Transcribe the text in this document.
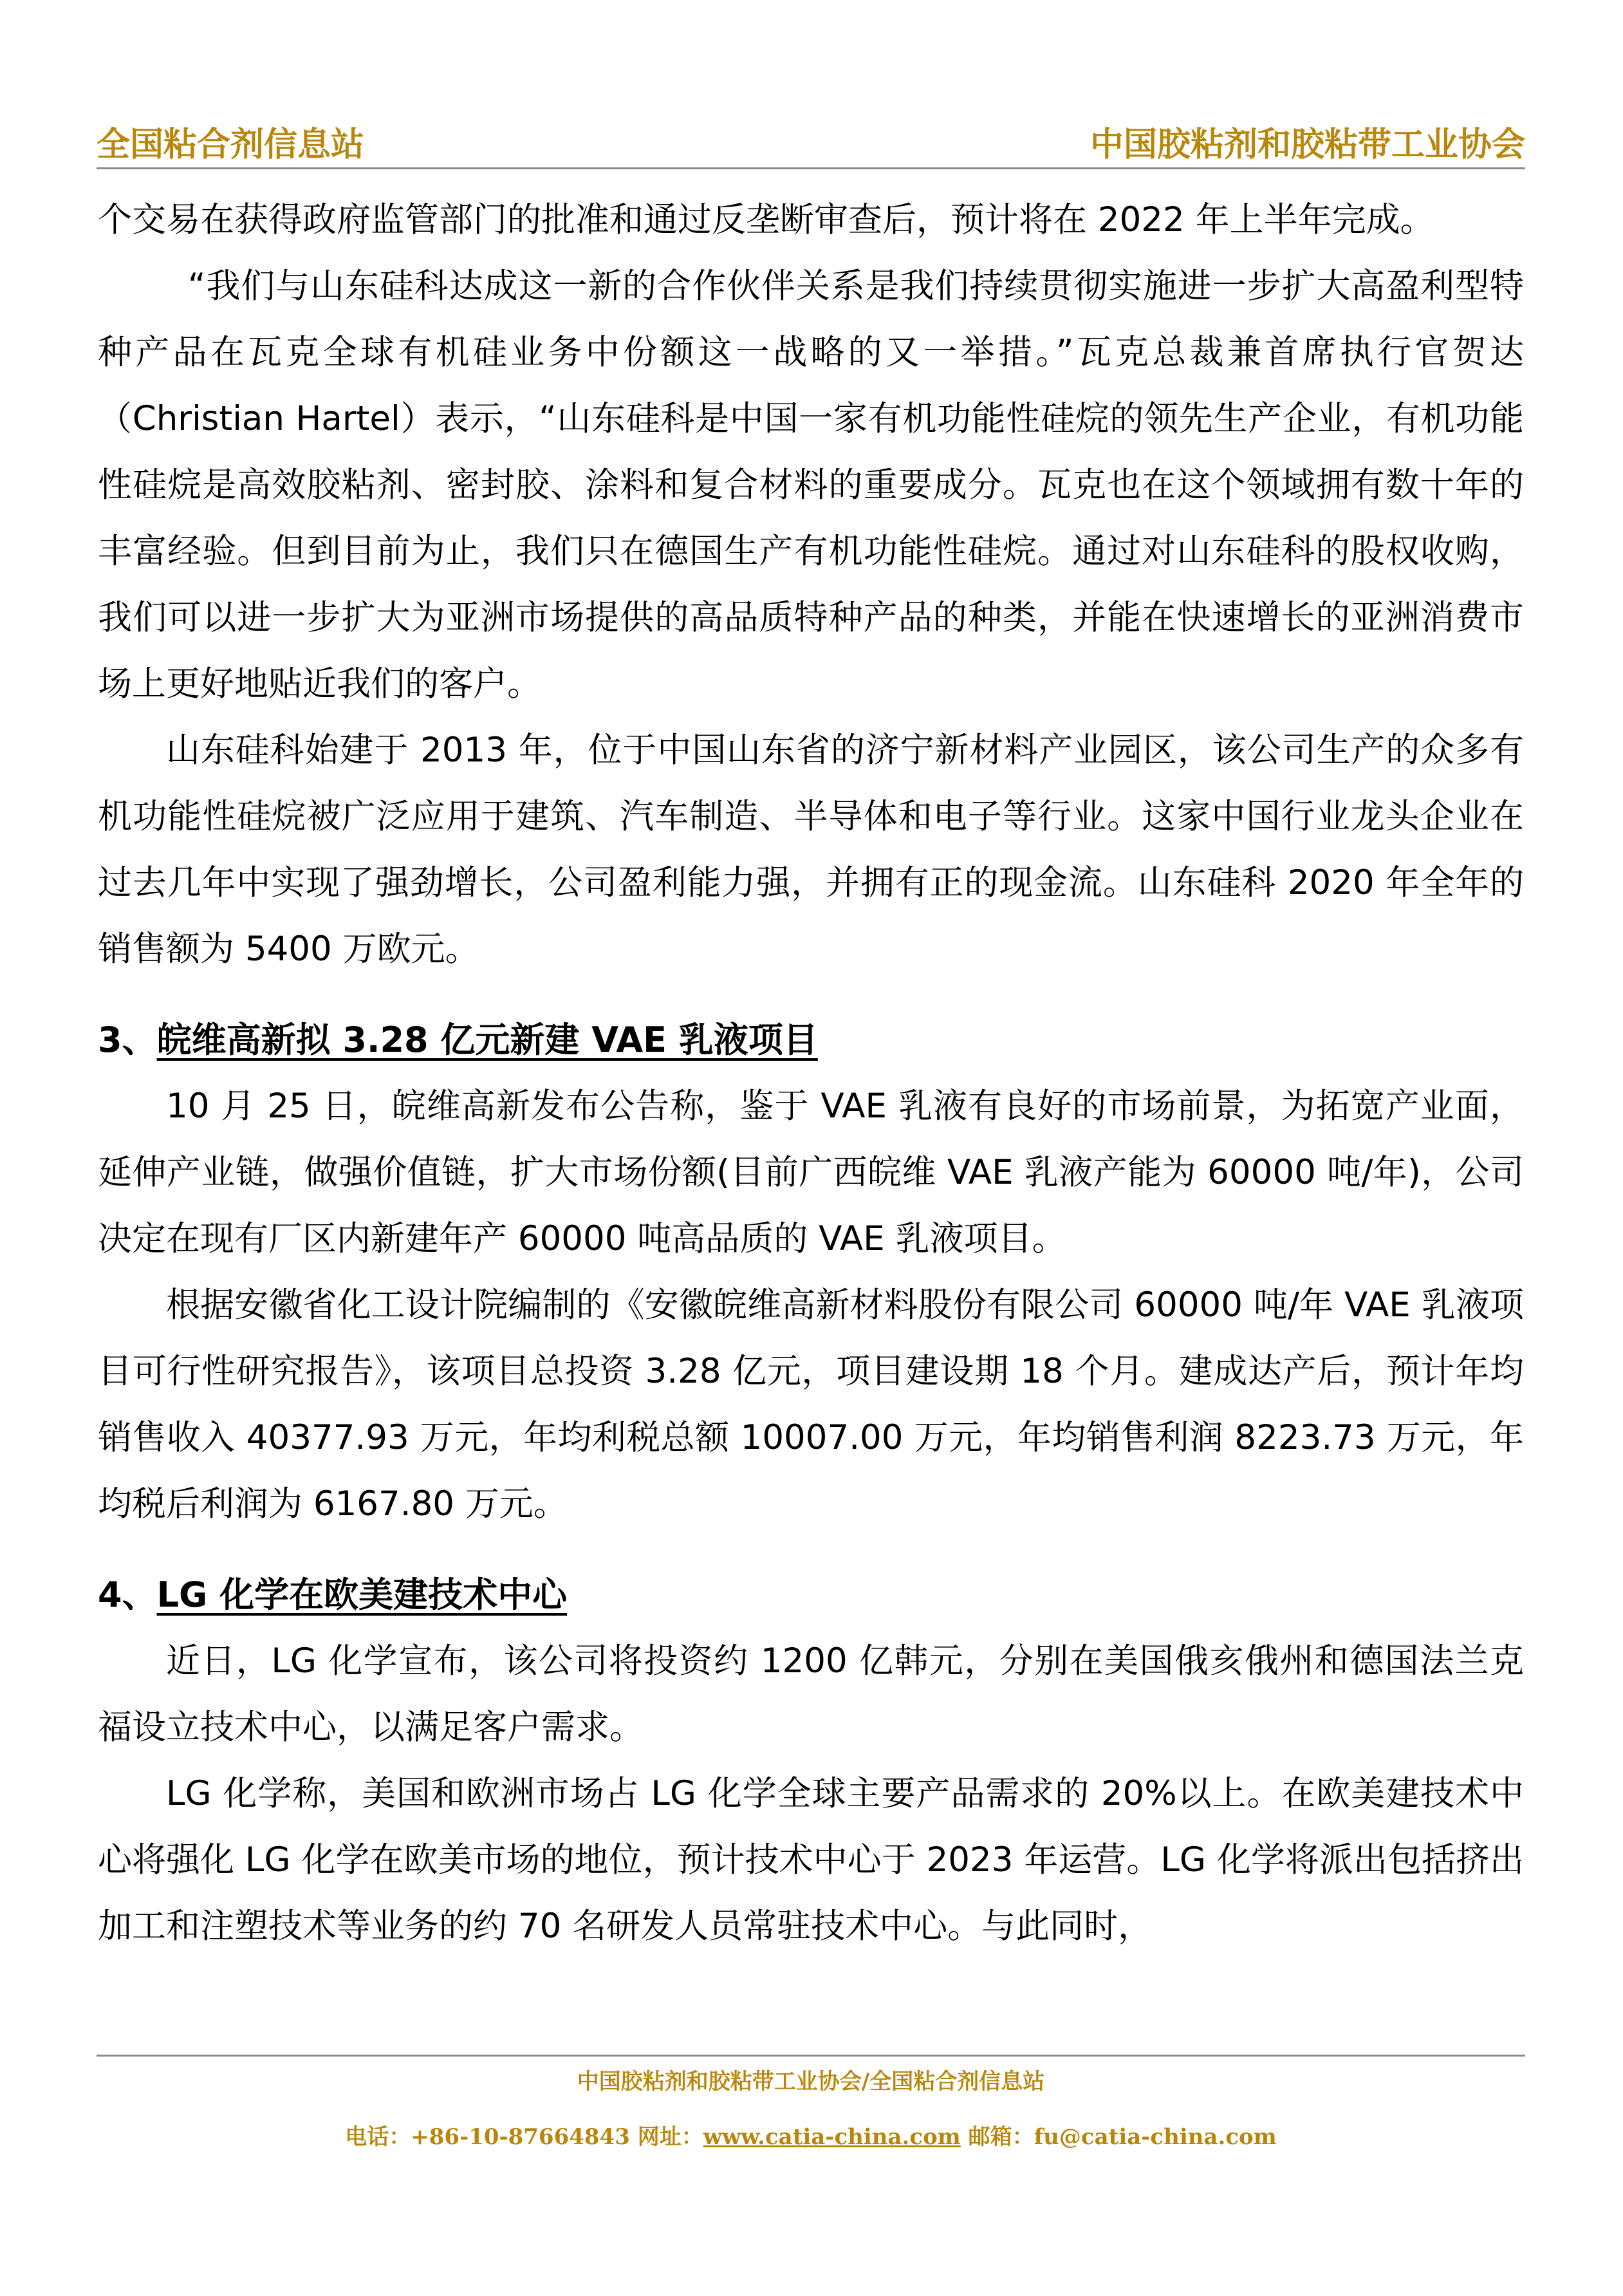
全国粘合剂信息站	中国胶粘剂和胶粘带工业协会

个交易在获得政府监管部门的批准和通过反垄断审查后，预计将在 2022 年上半年完成。

“我们与山东硅科达成这一新的合作伙伴关系是我们持续贯彻实施进一步扩大高盈利型特种产品在瓦克全球有机硅业务中份额这一战略的又一举措。”瓦克总裁兼首席执行官贺达（Christian Hartel）表示，“山东硅科是中国一家有机功能性硅烷的领先生产企业，有机功能性硅烷是高效胶粘剂、密封胶、涂料和复合材料的重要成分。瓦克也在这个领域拥有数十年的丰富经验。但到目前为止，我们只在德国生产有机功能性硅烷。通过对山东硅科的股权收购，我们可以进一步扩大为亚洲市场提供的高品质特种产品的种类，并能在快速增长的亚洲消费市场上更好地贴近我们的客户。

山东硅科始建于 2013 年，位于中国山东省的济宁新材料产业园区，该公司生产的众多有机功能性硅烷被广泛应用于建筑、汽车制造、半导体和电子等行业。这家中国行业龙头企业在过去几年中实现了强劲增长，公司盈利能力强，并拥有正的现金流。山东硅科 2020 年全年的销售额为 5400 万欧元。

3、皖维高新拟 3.28 亿元新建 VAE 乳液项目

10 月 25 日，皖维高新发布公告称，鉴于 VAE 乳液有良好的市场前景，为拓宽产业面，延伸产业链，做强价值链，扩大市场份额(目前广西皖维 VAE 乳液产能为 60000 吨/年)，公司决定在现有厂区内新建年产 60000 吨高品质的 VAE 乳液项目。

根据安徽省化工设计院编制的《安徽皖维高新材料股份有限公司 60000 吨/年 VAE 乳液项目可行性研究报告》，该项目总投资 3.28 亿元，项目建设期 18 个月。建成达产后，预计年均销售收入 40377.93 万元，年均利税总额 10007.00 万元，年均销售利润 8223.73 万元，年均税后利润为 6167.80 万元。

4、LG 化学在欧美建技术中心

近日，LG 化学宣布，该公司将投资约 1200 亿韩元，分别在美国俄亥俄州和德国法兰克福设立技术中心，以满足客户需求。

LG 化学称，美国和欧洲市场占 LG 化学全球主要产品需求的 20%以上。在欧美建技术中心将强化 LG 化学在欧美市场的地位，预计技术中心于 2023 年运营。LG 化学将派出包括挤出加工和注塑技术等业务的约 70 名研发人员常驻技术中心。与此同时，

中国胶粘剂和胶粘带工业协会/全国粘合剂信息站
电话：+86-10-87664843 网址：www.catia-china.com 邮箱：fu@catia-china.com
